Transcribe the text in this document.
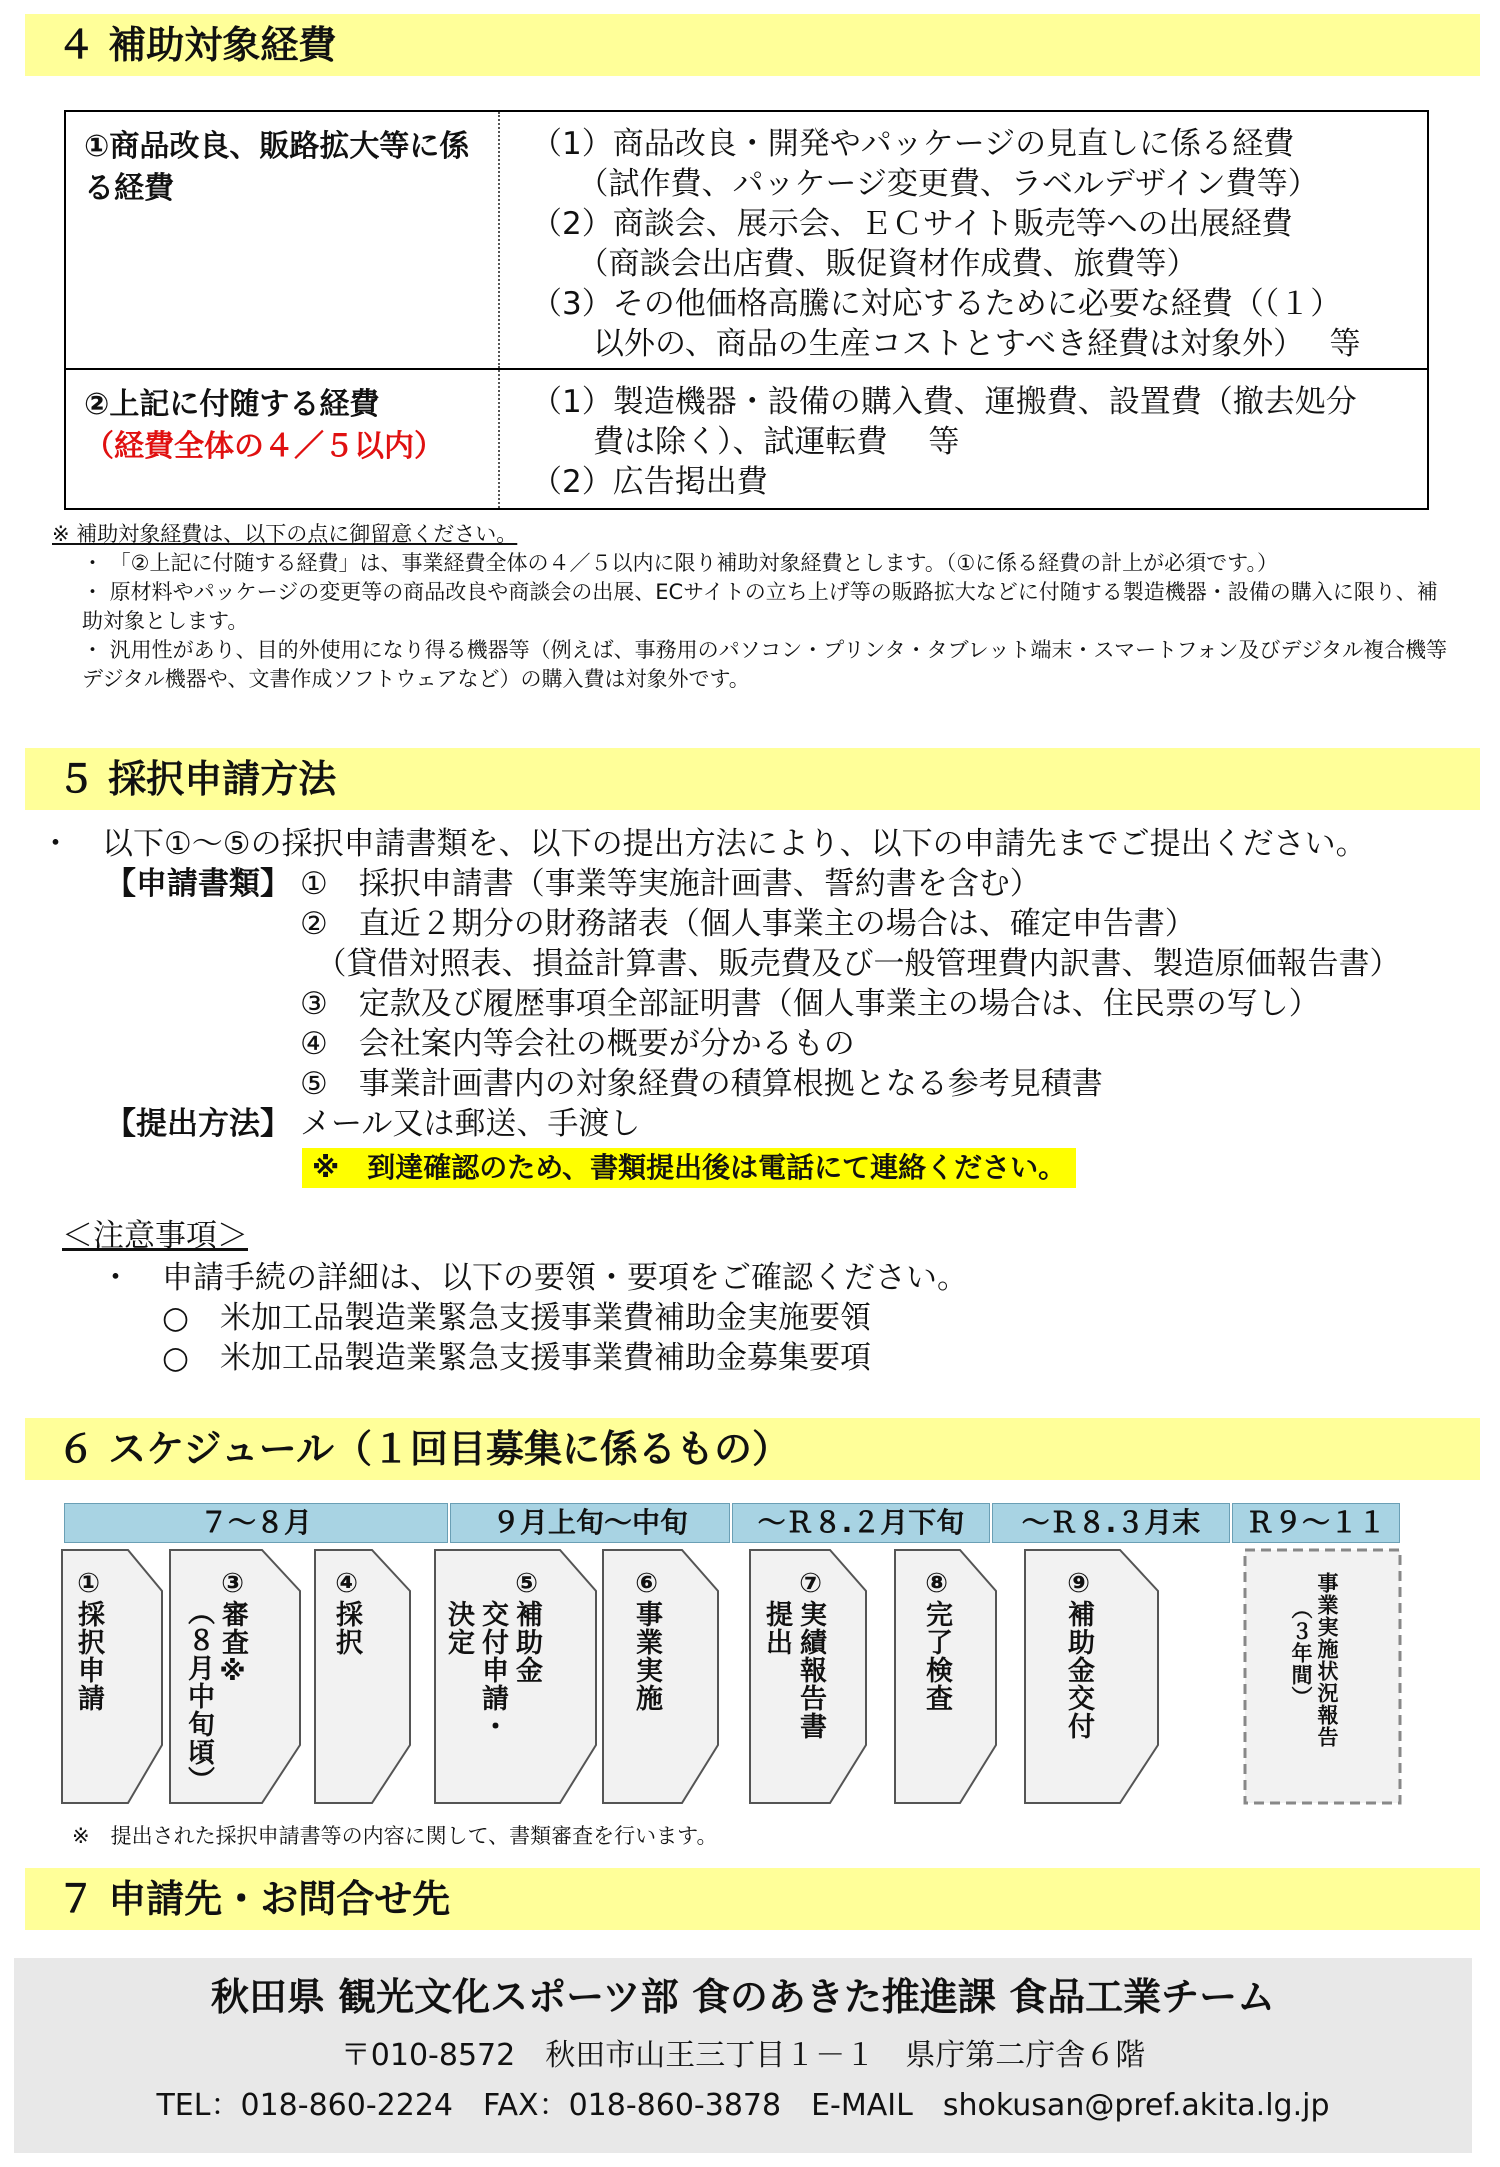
４ 補助対象経費
①商品改良、販路拡大等に係る経費
（1）商品改良・開発やパッケージの見直しに係る経費
　　（試作費、パッケージ変更費、ラベルデザイン費等）
（2）商談会、展示会、ＥＣサイト販売等への出展経費
　　（商談会出店費、販促資材作成費、旅費等）
（3）その他価格高騰に対応するために必要な経費（（１）
　　以外の、商品の生産コストとすべき経費は対象外）　 等
②上記に付随する経費
（経費全体の４／５以内）
（1）製造機器・設備の購入費、運搬費、設置費（撤去処分
　　費は除く）、試運転費　 等
（2）広告掲出費
※ 補助対象経費は、以下の点に御留意ください。
・ 「②上記に付随する経費」は、事業経費全体の４／５以内に限り補助対象経費とします。（①に係る経費の計上が必須です。）
・ 原材料やパッケージの変更等の商品改良や商談会の出展、ECサイトの立ち上げ等の販路拡大などに付随する製造機器・設備の購入に限り、補助対象とします。
・ 汎用性があり、目的外使用になり得る機器等（例えば、事務用のパソコン・プリンタ・タブレット端末・スマートフォン及びデジタル複合機等デジタル機器や、文書作成ソフトウェアなど）の購入費は対象外です。
５ 採択申請方法
・　以下①～⑤の採択申請書類を、以下の提出方法により、以下の申請先までご提出ください。
【申請書類】 ①　採択申請書（事業等実施計画書、誓約書を含む）
②　直近２期分の財務諸表（個人事業主の場合は、確定申告書）
　（貸借対照表、損益計算書、販売費及び一般管理費内訳書、製造原価報告書）
③　定款及び履歴事項全部証明書（個人事業主の場合は、住民票の写し）
④　会社案内等会社の概要が分かるもの
⑤　事業計画書内の対象経費の積算根拠となる参考見積書
【提出方法】 メール又は郵送、手渡し
※　到達確認のため、書類提出後は電話にて連絡ください。
＜注意事項＞
・　申請手続の詳細は、以下の要領・要項をご確認ください。
○　米加工品製造業緊急支援事業費補助金実施要領
○　米加工品製造業緊急支援事業費補助金募集要項
６ スケジュール（１回目募集に係るもの）
７～８月	９月上旬～中旬	～Ｒ８.２月下旬	～Ｒ８.３月末	Ｒ９～１１
①採択申請
③審査※
（８月中旬頃）
④採択
⑤補助金
交付申請・
決定
⑥事業実施
⑦実績報告書
提出
⑧完了検査
⑨補助金交付	事業実施状況報告
（３年間）
※　提出された採択申請書等の内容に関して、書類審査を行います。
７ 申請先・お問合せ先
秋田県 観光文化スポーツ部 食のあきた推進課 食品工業チーム
〒010-8572　秋田市山王三丁目１－１　県庁第二庁舎６階
TEL：018-860-2224　FAX：018-860-3878　E-MAIL　shokusan@pref.akita.lg.jp
